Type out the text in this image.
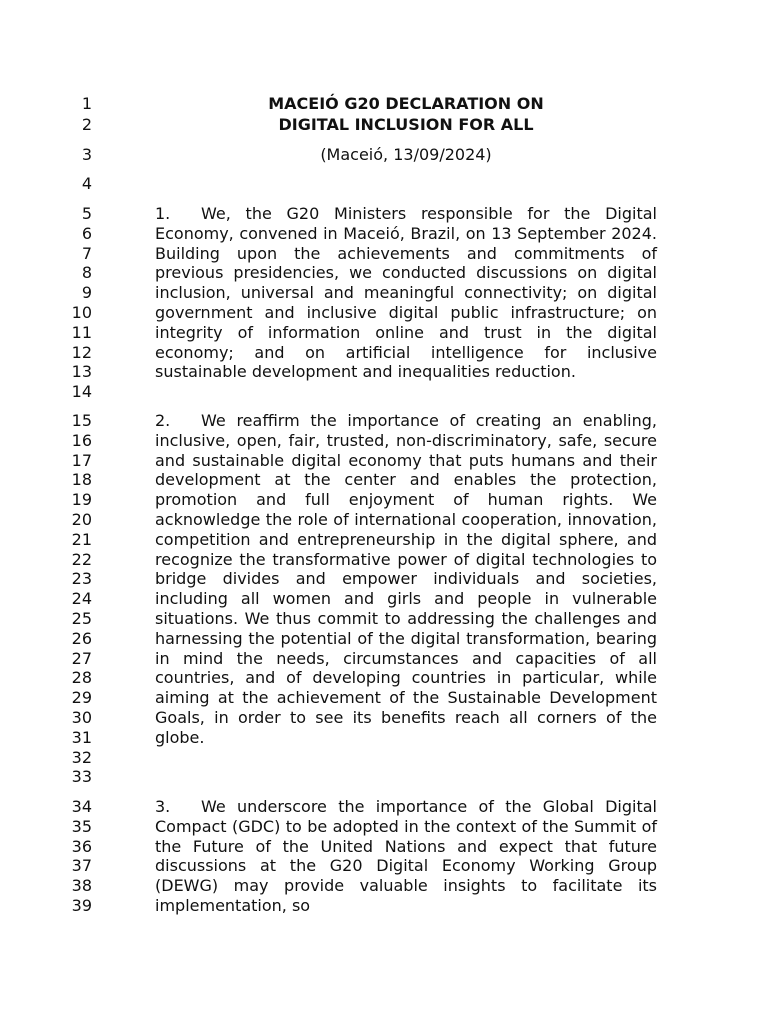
1
2
3
4
5
6
7
8
9
10
11
12
13
14
15
16
17
18
19
20
21
22
23
24
25
26
27
28
29
30
31
32
33
34
35
36
37
38
39
MACEIÓ G20 DECLARATION ON
DIGITAL INCLUSION FOR ALL
(Maceió, 13/09/2024)

1. We, the G20 Ministers responsible for the Digital Economy, convened in Maceió, Brazil, on 13 September 2024. Building upon the achievements and commitments of previous presidencies, we conducted discussions on digital inclusion, universal and meaningful connectivity; on digital government and inclusive digital public infrastructure; on integrity of information online and trust in the digital economy; and on artificial intelligence for inclusive sustainable development and inequalities reduction.

2. We reaffirm the importance of creating an enabling, inclusive, open, fair, trusted, non-discriminatory, safe, secure and sustainable digital economy that puts humans and their development at the center and enables the protection, promotion and full enjoyment of human rights. We acknowledge the role of international cooperation, innovation, competition and entrepreneurship in the digital sphere, and recognize the transformative power of digital technologies to bridge divides and empower individuals and societies, including all women and girls and people in vulnerable situations. We thus commit to addressing the challenges and harnessing the potential of the digital transformation, bearing in mind the needs, circumstances and capacities of all countries, and of developing countries in particular, while aiming at the achievement of the Sustainable Development Goals, in order to see its benefits reach all corners of the globe.

3. We underscore the importance of the Global Digital Compact (GDC) to be adopted in the context of the Summit of the Future of the United Nations and expect that future discussions at the G20 Digital Economy Working Group (DEWG) may provide valuable insights to facilitate its implementation, so
